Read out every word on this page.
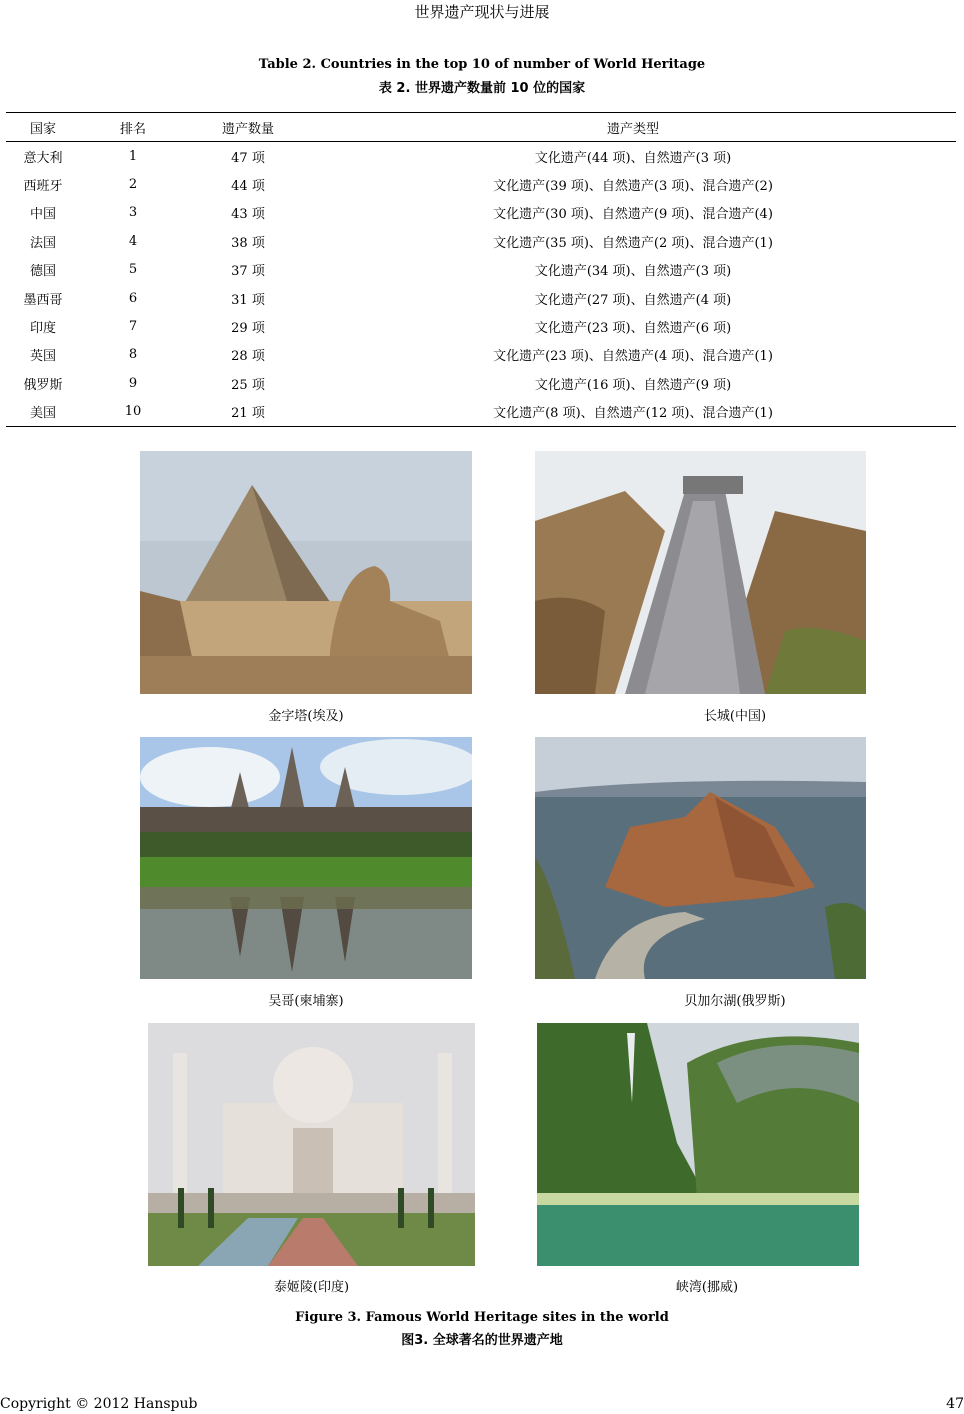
世界遗产现状与进展
Table 2. Countries in the top 10 of number of World Heritage
表 2. 世界遗产数量前 10 位的国家
国家	排名	遗产数量	遗产类型
意大利	1	47 项	文化遗产(44 项)、自然遗产(3 项)
西班牙	2	44 项	文化遗产(39 项)、自然遗产(3 项)、混合遗产(2)
中国	3	43 项	文化遗产(30 项)、自然遗产(9 项)、混合遗产(4)
法国	4	38 项	文化遗产(35 项)、自然遗产(2 项)、混合遗产(1)
德国	5	37 项	文化遗产(34 项)、自然遗产(3 项)
墨西哥	6	31 项	文化遗产(27 项)、自然遗产(4 项)
印度	7	29 项	文化遗产(23 项)、自然遗产(6 项)
英国	8	28 项	文化遗产(23 项)、自然遗产(4 项)、混合遗产(1)
俄罗斯	9	25 项	文化遗产(16 项)、自然遗产(9 项)
美国	10	21 项	文化遗产(8 项)、自然遗产(12 项)、混合遗产(1)
金字塔(埃及)	长城(中国)
吴哥(柬埔寨)	贝加尔湖(俄罗斯)
泰姬陵(印度)	峡湾(挪威)
Figure 3. Famous World Heritage sites in the world
图3. 全球著名的世界遗产地
Copyright © 2012 Hanspub	47
